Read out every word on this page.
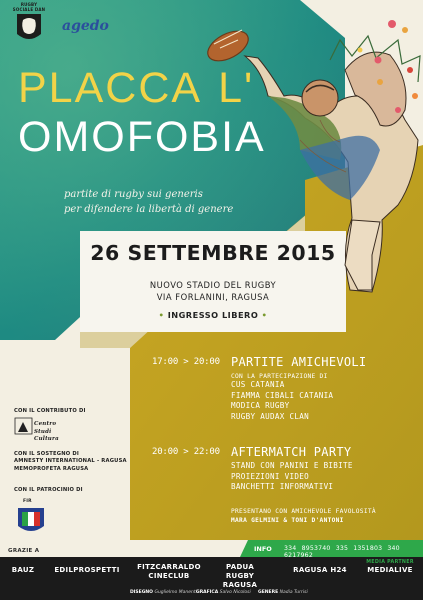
RUGBY SOCIALE DAN
agedo
PLACCA L'
OMOFOBIA
partite di rugby sui generis
per difendere la libertà di genere
26 SETTEMBRE 2015
NUOVO STADIO DEL RUGBY
VIA FORLANINI, RAGUSA
• INGRESSO LIBERO •
17:00 > 20:00 PARTITE AMICHEVOLI
CON LA PARTECIPAZIONE DI
CUS CATANIA
FIAMMA CIBALI CATANIA
MODICA RUGBY
RUGBY AUDAX CLAN
20:00 > 22:00 AFTERMATCH PARTY
STAND CON PANINI E BIBITE
PROIEZIONI VIDEO
BANCHETTI INFORMATIVI
PRESENTANO CON AMICHEVOLE FAVOLOSITÀ
MARA GELMINI & TONI D'ANTONI
CON IL CONTRIBUTO DI
Centro Studi Cultura
CON IL SOSTEGNO DI
AMNESTY INTERNATIONAL - RAGUSA
MEMOPROFETA RAGUSA
CON IL PATROCINIO DI
FIR
INFO 334 8953740 335 1351803 340 6217962
GRAZIE A
BAUZ	EDILPROSPETTI	FITZCARRALDO CINECLUB
PADUA RUGBY RAGUSA
RAGUSA H24
MEDIA PARTNER
MEDIALIVE
DISEGNO Guglielmo Manenti GRAFICA Salvo Nicolosi GENERE Nadia Turrisi
